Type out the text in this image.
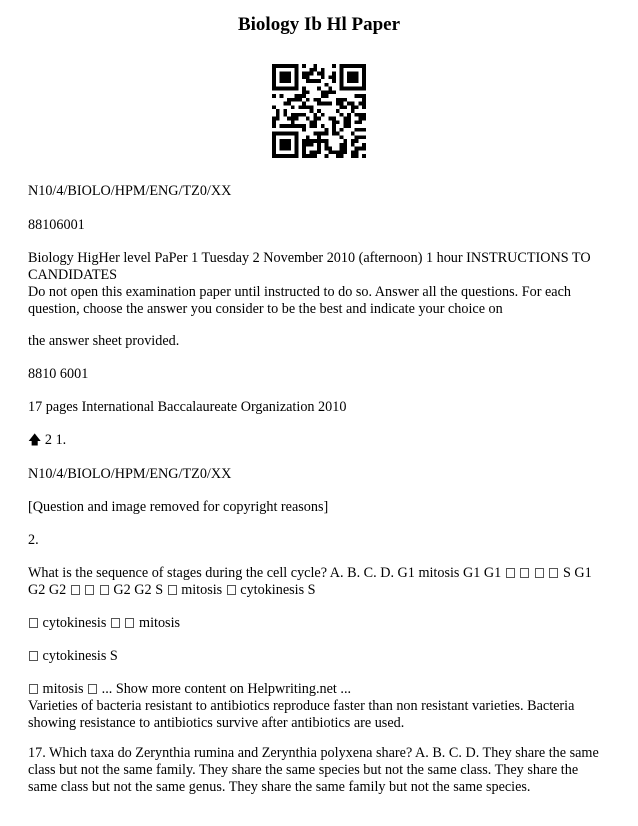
Biology Ib Hl Paper

N10/4/BIOLO/HPM/ENG/TZ0/XX

88106001

Biology HigHer level PaPer 1 Tuesday 2 November 2010 (afternoon) 1 hour INSTRUCTIONS TO CANDIDATES
Do not open this examination paper until instructed to do so. Answer all the questions. For each question, choose the answer you consider to be the best and indicate your choice on

the answer sheet provided.

8810 6001

17 pages International Baccalaureate Organization 2010

🡅 2 1.

N10/4/BIOLO/HPM/ENG/TZ0/XX

[Question and image removed for copyright reasons]

2.

What is the sequence of stages during the cell cycle? A. B. C. D. G1 mitosis G1 G1	S G1
G2 G2	G2 G2 S mitosis cytokinesis S

cytokinesis mitosis

cytokinesis S

mitosis ... Show more content on Helpwriting.net ...
Varieties of bacteria resistant to antibiotics reproduce faster than non resistant varieties. Bacteria showing resistance to antibiotics survive after antibiotics are used.

17. Which taxa do Zerynthia rumina and Zerynthia polyxena share? A. B. C. D. They share the same class but not the same family. They share the same species but not the same class. They share the same class but not the same genus. They share the same family but not the same species.
